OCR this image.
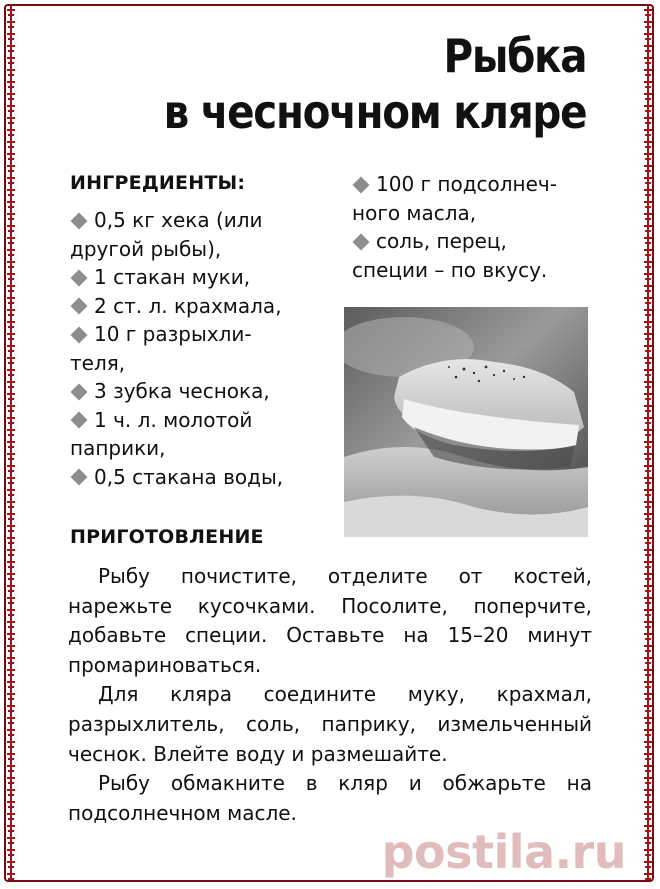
Рыбка
в чесночном кляре
ИНГРЕДИЕНТЫ:
0,5 кг хека (или
другой рыбы),
1 стакан муки,
2 ст. л. крахмала,
10 г разрыхли-
теля,
3 зубка чеснока,
1 ч. л. молотой
паприки,
0,5 стакана воды,
100 г подсолнеч-
ного масла,
соль, перец,
специи – по вкусу.
ПРИГОТОВЛЕНИЕ

Рыбу почистите, отделите от костей, нарежьте кусочками. Посолите, поперчите, добавьте специи. Оставьте на 15–20 минут промариноваться.

Для кляра соедините муку, крахмал, разрыхлитель, соль, паприку, измельченный чеснок. Влейте воду и размешайте.

Рыбу обмакните в кляр и обжарьте на подсолнечном масле.

postila.ru
